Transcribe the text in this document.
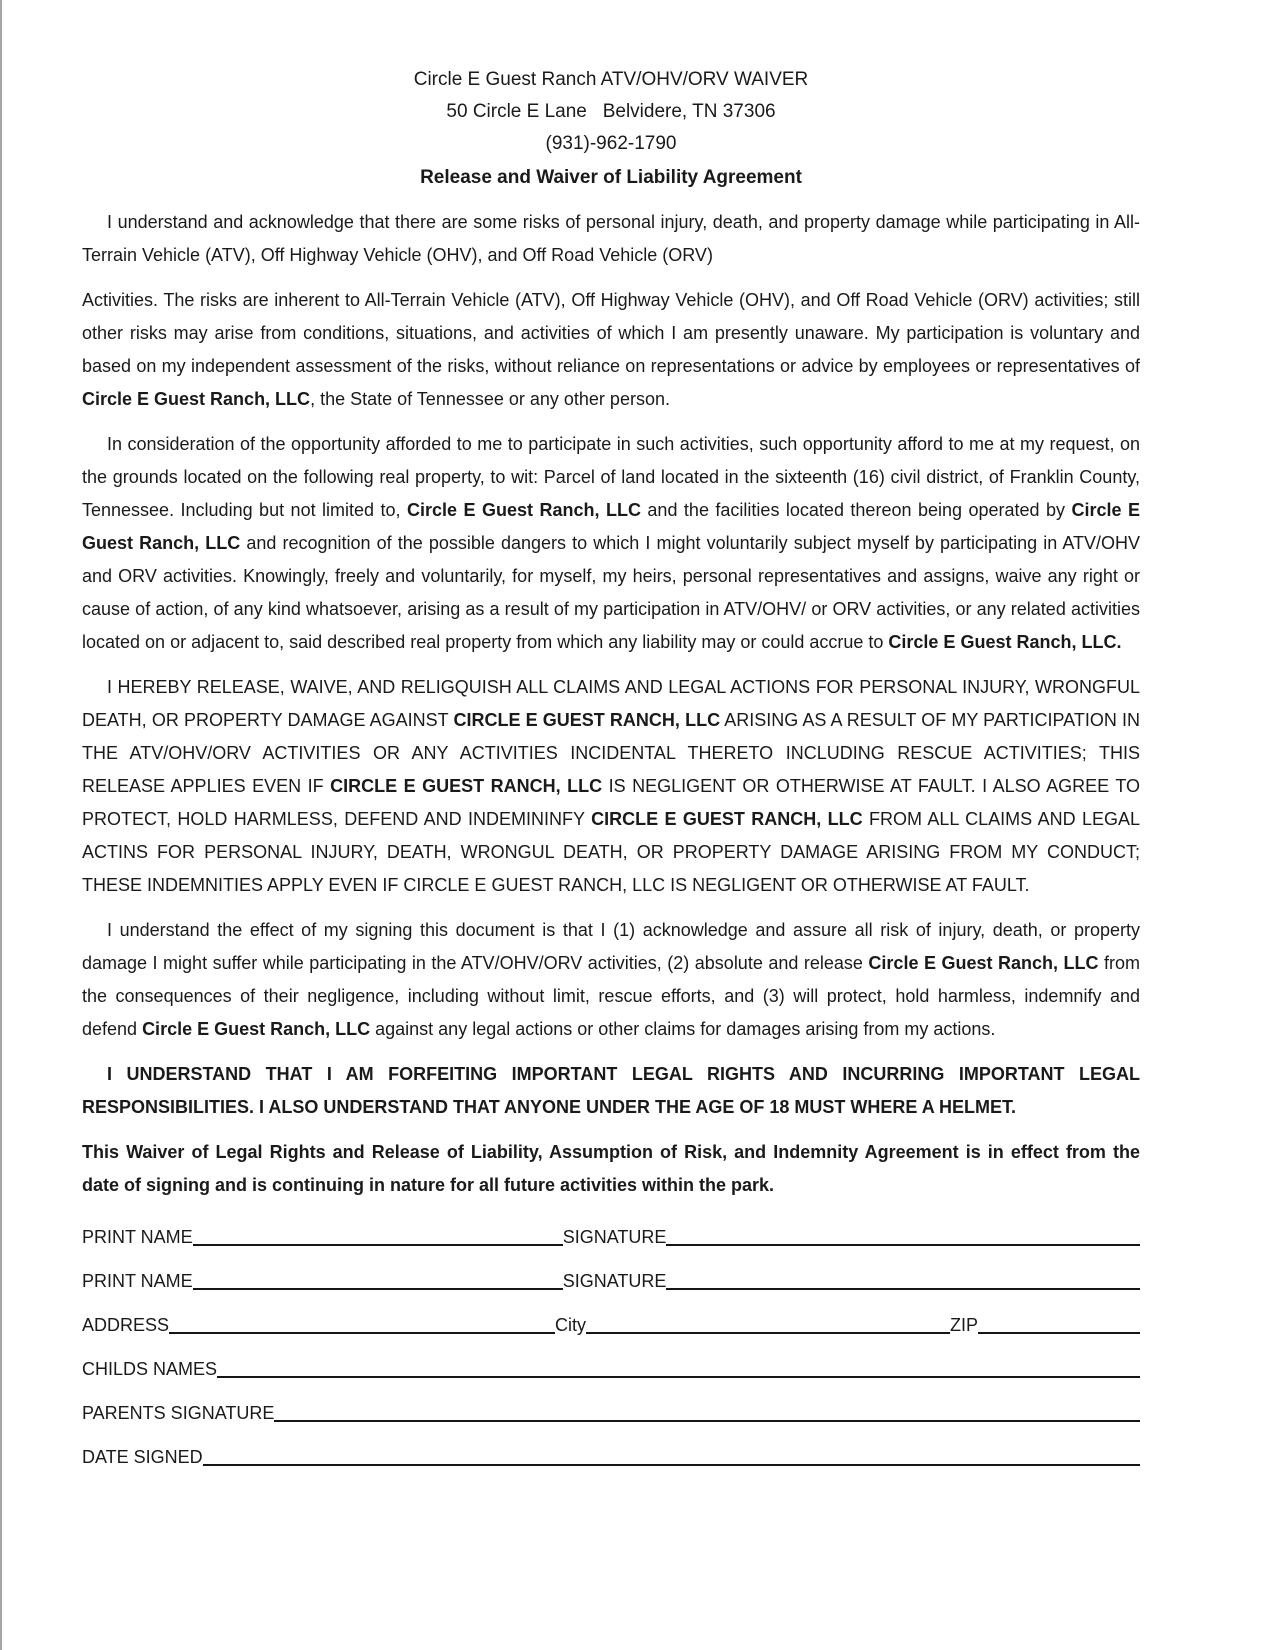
Circle E Guest Ranch ATV/OHV/ORV WAIVER
50 Circle E Lane   Belvidere, TN 37306
(931)-962-1790
Release and Waiver of Liability Agreement

I understand and acknowledge that there are some risks of personal injury, death, and property damage while participating in All-Terrain Vehicle (ATV), Off Highway Vehicle (OHV), and Off Road Vehicle (ORV)

Activities. The risks are inherent to All-Terrain Vehicle (ATV), Off Highway Vehicle (OHV), and Off Road Vehicle (ORV) activities; still other risks may arise from conditions, situations, and activities of which I am presently unaware. My participation is voluntary and based on my independent assessment of the risks, without reliance on representations or advice by employees or representatives of Circle E Guest Ranch, LLC, the State of Tennessee or any other person.

In consideration of the opportunity afforded to me to participate in such activities, such opportunity afford to me at my request, on the grounds located on the following real property, to wit: Parcel of land located in the sixteenth (16) civil district, of Franklin County, Tennessee. Including but not limited to, Circle E Guest Ranch, LLC and the facilities located thereon being operated by Circle E Guest Ranch, LLC and recognition of the possible dangers to which I might voluntarily subject myself by participating in ATV/OHV and ORV activities. Knowingly, freely and voluntarily, for myself, my heirs, personal representatives and assigns, waive any right or cause of action, of any kind whatsoever, arising as a result of my participation in ATV/OHV/ or ORV activities, or any related activities located on or adjacent to, said described real property from which any liability may or could accrue to Circle E Guest Ranch, LLC.

I HEREBY RELEASE, WAIVE, AND RELIGQUISH ALL CLAIMS AND LEGAL ACTIONS FOR PERSONAL INJURY, WRONGFUL DEATH, OR PROPERTY DAMAGE AGAINST CIRCLE E GUEST RANCH, LLC ARISING AS A RESULT OF MY PARTICIPATION IN THE ATV/OHV/ORV ACTIVITIES OR ANY ACTIVITIES INCIDENTAL THERETO INCLUDING RESCUE ACTIVITIES; THIS RELEASE APPLIES EVEN IF CIRCLE E GUEST RANCH, LLC IS NEGLIGENT OR OTHERWISE AT FAULT. I ALSO AGREE TO PROTECT, HOLD HARMLESS, DEFEND AND INDEMININFY CIRCLE E GUEST RANCH, LLC FROM ALL CLAIMS AND LEGAL ACTINS FOR PERSONAL INJURY, DEATH, WRONGUL DEATH, OR PROPERTY DAMAGE ARISING FROM MY CONDUCT; THESE INDEMNITIES APPLY EVEN IF CIRCLE E GUEST RANCH, LLC IS NEGLIGENT OR OTHERWISE AT FAULT.

I understand the effect of my signing this document is that I (1) acknowledge and assure all risk of injury, death, or property damage I might suffer while participating in the ATV/OHV/ORV activities, (2) absolute and release Circle E Guest Ranch, LLC from the consequences of their negligence, including without limit, rescue efforts, and (3) will protect, hold harmless, indemnify and defend Circle E Guest Ranch, LLC against any legal actions or other claims for damages arising from my actions.

I UNDERSTAND THAT I AM FORFEITING IMPORTANT LEGAL RIGHTS AND INCURRING IMPORTANT LEGAL RESPONSIBILITIES. I ALSO UNDERSTAND THAT ANYONE UNDER THE AGE OF 18 MUST WHERE A HELMET.

This Waiver of Legal Rights and Release of Liability, Assumption of Risk, and Indemnity Agreement is in effect from the date of signing and is continuing in nature for all future activities within the park.

PRINT NAME	SIGNATURE
PRINT NAME	SIGNATURE
ADDRESS	City	ZIP
CHILDS NAMES
PARENTS SIGNATURE
DATE SIGNED
